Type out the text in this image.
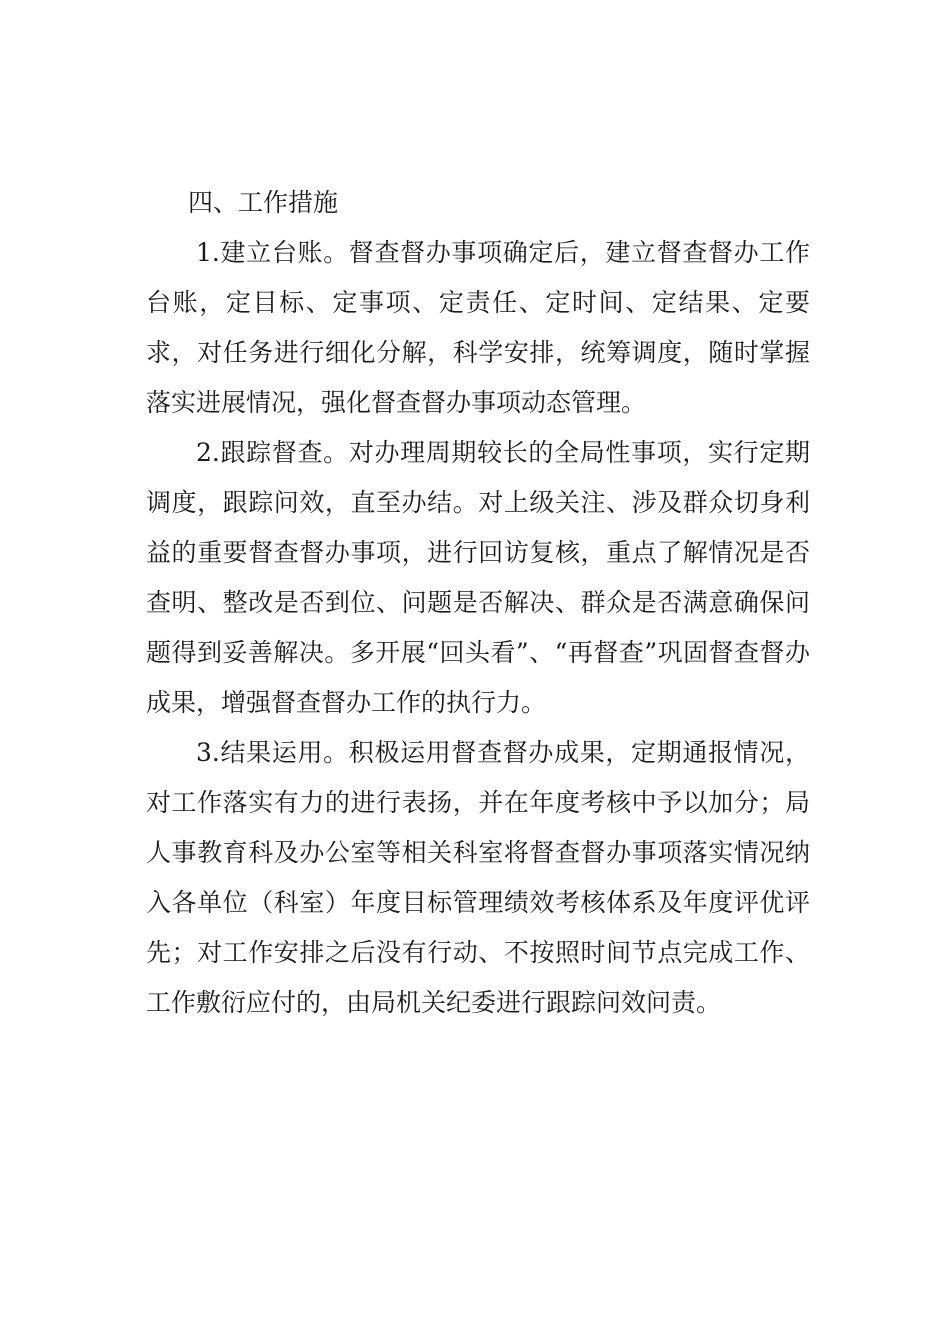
四、工作措施

1.建立台账。督查督办事项确定后，建立督查督办工作台账，定目标、定事项、定责任、定时间、定结果、定要求，对任务进行细化分解，科学安排，统筹调度，随时掌握落实进展情况，强化督查督办事项动态管理。

2.跟踪督查。对办理周期较长的全局性事项，实行定期调度，跟踪问效，直至办结。对上级关注、涉及群众切身利益的重要督查督办事项，进行回访复核，重点了解情况是否查明、整改是否到位、问题是否解决、群众是否满意确保问题得到妥善解决。多开展“回头看”、“再督查”巩固督查督办成果，增强督查督办工作的执行力。

3.结果运用。积极运用督查督办成果，定期通报情况，对工作落实有力的进行表扬，并在年度考核中予以加分；局人事教育科及办公室等相关科室将督查督办事项落实情况纳入各单位（科室）年度目标管理绩效考核体系及年度评优评先；对工作安排之后没有行动、不按照时间节点完成工作、工作敷衍应付的，由局机关纪委进行跟踪问效问责。
